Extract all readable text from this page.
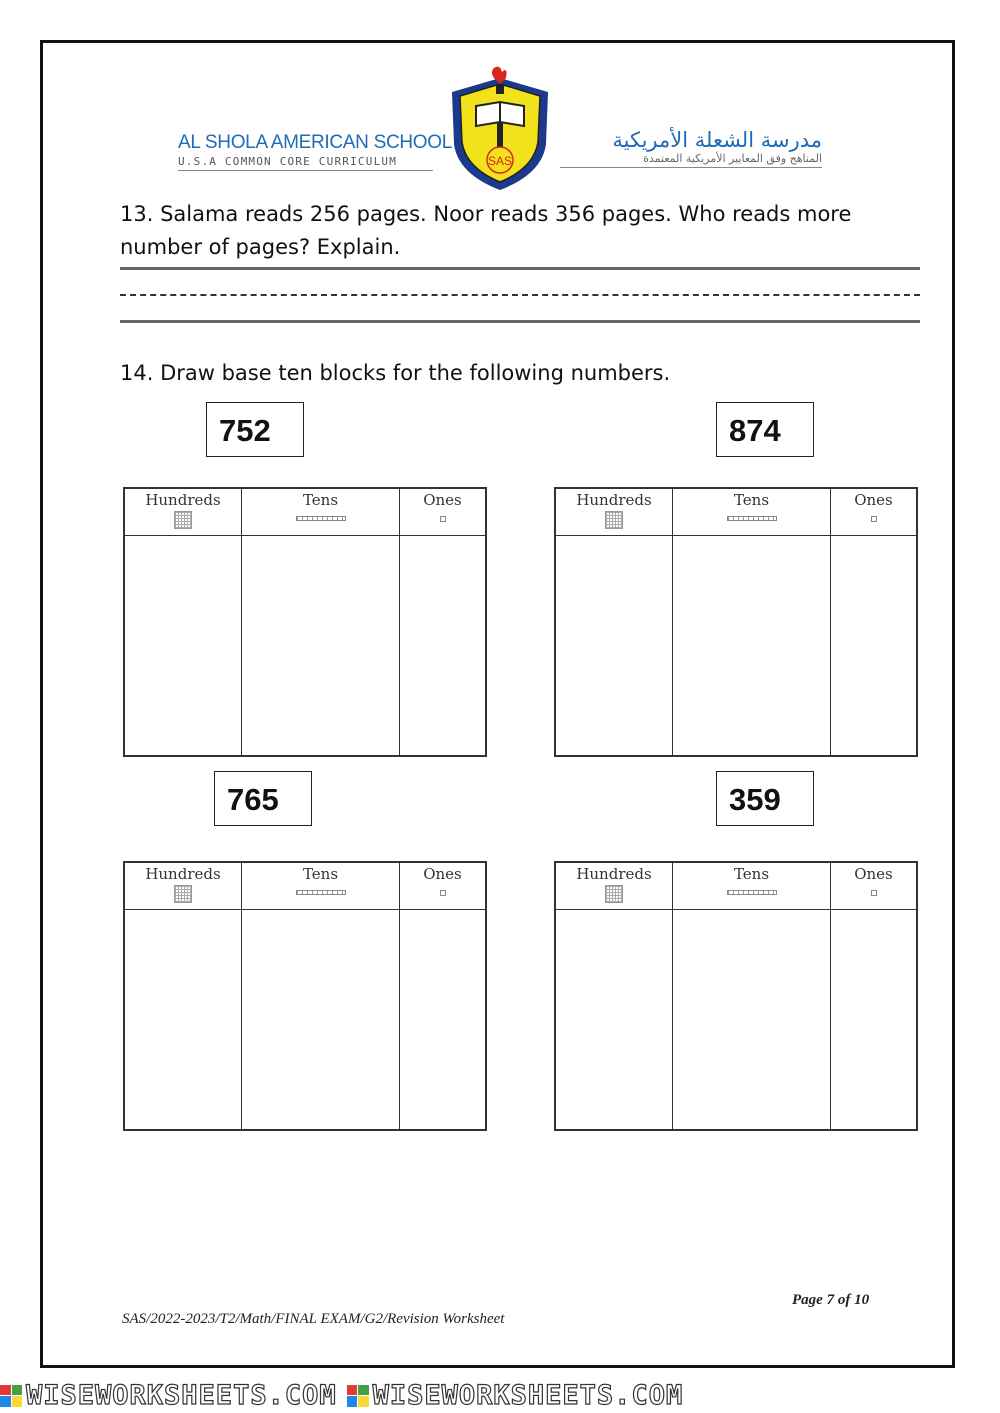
AL SHOLA AMERICAN SCHOOL
U.S.A COMMON CORE CURRICULUM	SAS
مدرسة الشعلة الأمريكية
المناهج وفق المعايير الأمريكية المعتمدة
13. Salama reads 256 pages. Noor reads 356 pages. Who reads more number of pages? Explain.
14. Draw base ten blocks for the following numbers.
752	874
765	359
Hundreds	Tens	Ones	Hundreds	Tens	Ones
Hundreds	Tens	Ones	Hundreds	Tens	Ones
Page 7 of 10
SAS/2022-2023/T2/Math/FINAL EXAM/G2/Revision Worksheet
WISEWORKSHEETS.COM WISEWORKSHEETS.COM
